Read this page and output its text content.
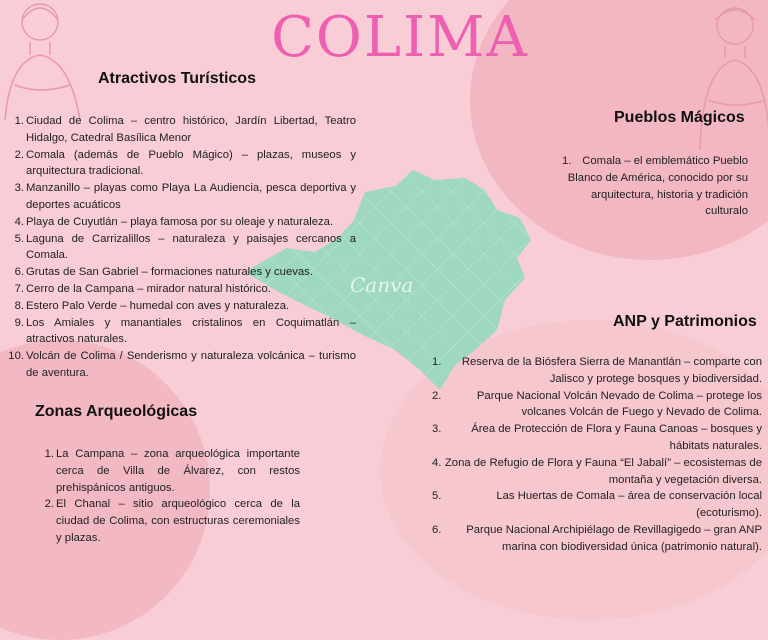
Canva
COLIMA
Atractivos Turísticos
1. Ciudad de Colima – centro histórico, Jardín Libertad, Teatro Hidalgo, Catedral Basílica Menor
2. Comala (además de Pueblo Mágico) – plazas, museos y arquitectura tradicional.
3. Manzanillo – playas como Playa La Audiencia, pesca deportiva y deportes acuáticos
4. Playa de Cuyutlán – playa famosa por su oleaje y naturaleza.
5. Laguna de Carrizalillos – naturaleza y paisajes cercanos a Comala.
6. Grutas de San Gabriel – formaciones naturales y cuevas.
7. Cerro de la Campana – mirador natural histórico.
8. Estero Palo Verde – humedal con aves y naturaleza.
9. Los Amiales y manantiales cristalinos en Coquimatlán – atractivos naturales.
10. Volcán de Colima / Senderismo y naturaleza volcánica – turismo de aventura.
Zonas Arqueológicas
1. La Campana – zona arqueológica importante cerca de Villa de Álvarez, con restos prehispánicos antiguos.
2. El Chanal – sitio arqueológico cerca de la ciudad de Colima, con estructuras ceremoniales y plazas.
Pueblos Mágicos
1. Comala – el emblemático Pueblo Blanco de América, conocido por su arquitectura, historia y tradición culturalo
ANP y Patrimonios
1. Reserva de la Biósfera Sierra de Manantlán – comparte con Jalisco y protege bosques y biodiversidad.
2.	Parque Nacional Volcán Nevado de Colima – protege los volcanes Volcán de Fuego y Nevado de Colima.
3.	Área de Protección de Flora y Fauna Canoas – bosques y hábitats naturales.
4. Zona de Refugio de Flora y Fauna “El Jabalí” – ecosistemas de montaña y vegetación diversa.
5.	Las Huertas de Comala – área de conservación local (ecoturismo).
6. Parque Nacional Archipiélago de Revillagigedo – gran ANP marina con biodiversidad única (patrimonio natural).
